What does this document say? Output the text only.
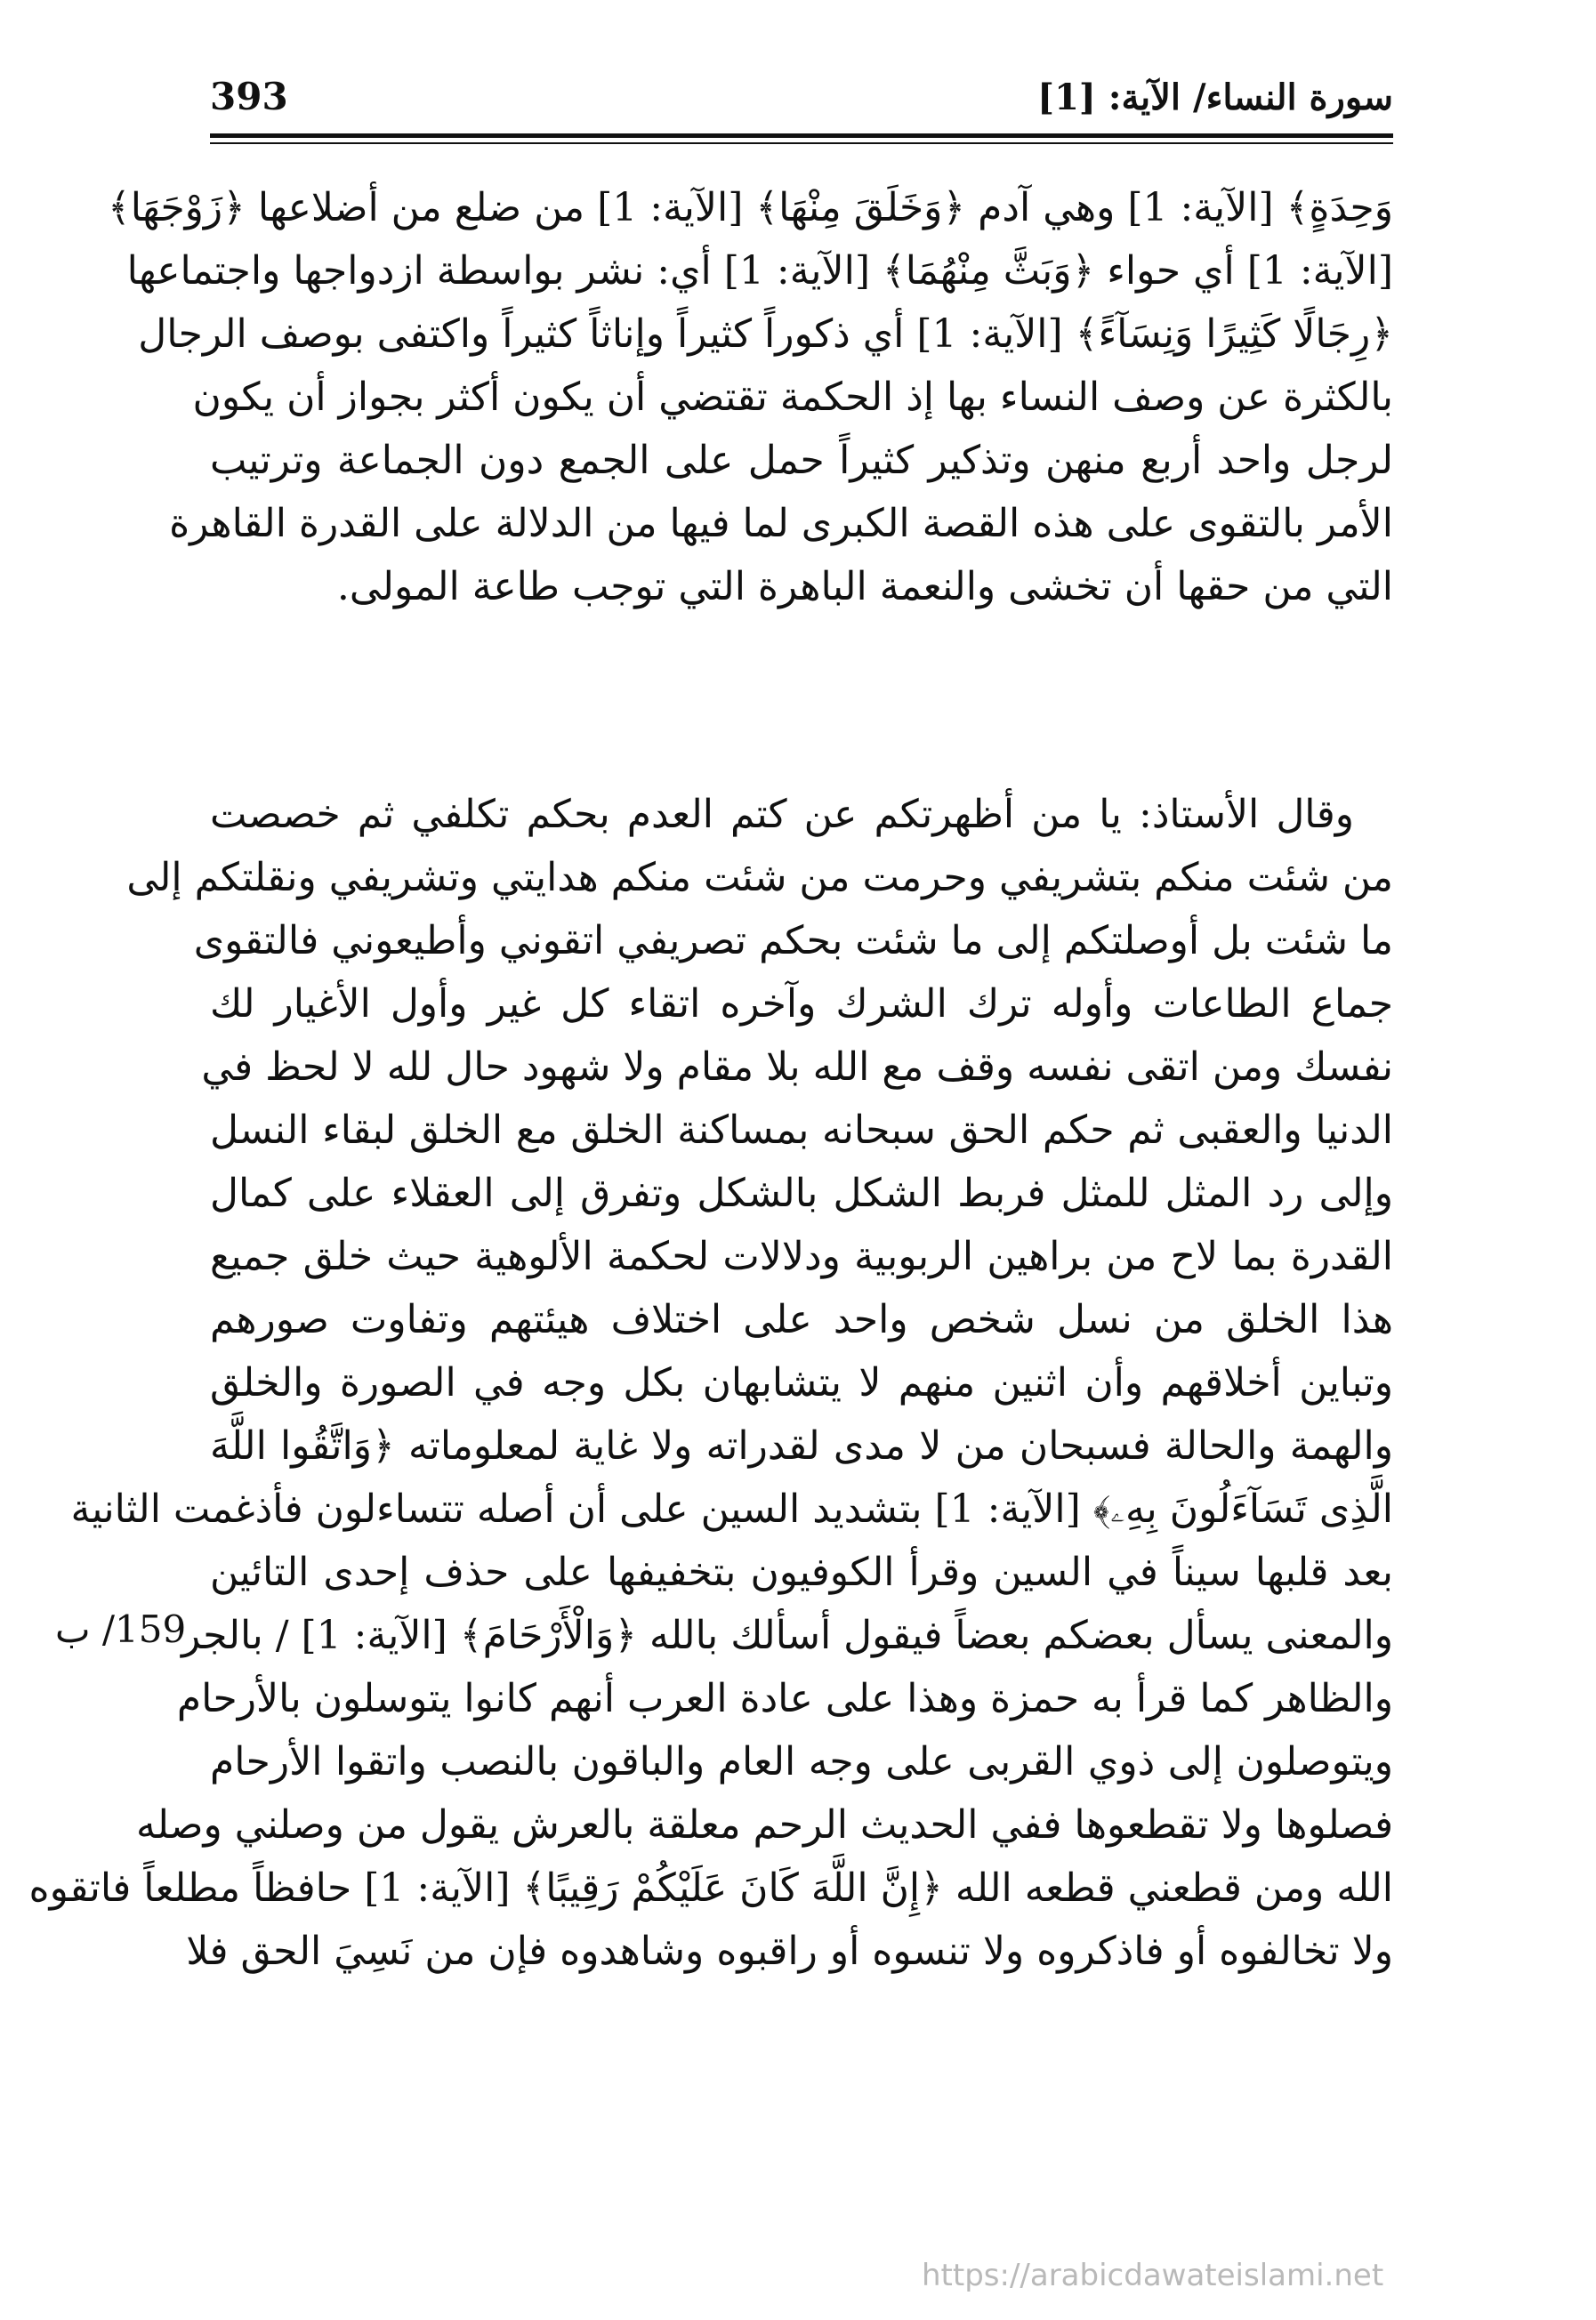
سورة النساء/ الآية: [1]
393
وَحِدَةٍ﴾ [الآية: 1] وهي آدم ﴿وَخَلَقَ مِنْهَا﴾ [الآية: 1] من ضلع من أضلاعها ﴿زَوْجَهَا﴾
[الآية: 1] أي حواء ﴿وَبَثَّ مِنْهُمَا﴾ [الآية: 1] أي: نشر بواسطة ازدواجها واجتماعها
﴿رِجَالًا كَثِيرًا وَنِسَآءً﴾ [الآية: 1] أي ذكوراً كثيراً وإناثاً كثيراً واكتفى بوصف الرجال
بالكثرة عن وصف النساء بها إذ الحكمة تقتضي أن يكون أكثر بجواز أن يكون
لرجل واحد أربع منهن وتذكير كثيراً حمل على الجمع دون الجماعة وترتيب
الأمر بالتقوى على هذه القصة الكبرى لما فيها من الدلالة على القدرة القاهرة
التي من حقها أن تخشى والنعمة الباهرة التي توجب طاعة المولى.
وقال الأستاذ: يا من أظهرتكم عن كتم العدم بحكم تكلفي ثم خصصت
من شئت منكم بتشريفي وحرمت من شئت منكم هدايتي وتشريفي ونقلتكم إلى
ما شئت بل أوصلتكم إلى ما شئت بحكم تصريفي اتقوني وأطيعوني فالتقوى
جماع الطاعات وأوله ترك الشرك وآخره اتقاء كل غير وأول الأغيار لك
نفسك ومن اتقى نفسه وقف مع الله بلا مقام ولا شهود حال لله لا لحظ في
الدنيا والعقبى ثم حكم الحق سبحانه بمساكنة الخلق مع الخلق لبقاء النسل
وإلى رد المثل للمثل فربط الشكل بالشكل وتفرق إلى العقلاء على كمال
القدرة بما لاح من براهين الربوبية ودلالات لحكمة الألوهية حيث خلق جميع
هذا الخلق من نسل شخص واحد على اختلاف هيئتهم وتفاوت صورهم
وتباين أخلاقهم وأن اثنين منهم لا يتشابهان بكل وجه في الصورة والخلق
والهمة والحالة فسبحان من لا مدى لقدراته ولا غاية لمعلوماته ﴿وَاتَّقُوا اللَّهَ
الَّذِى تَسَآءَلُونَ بِهِۦ﴾ [الآية: 1] بتشديد السين على أن أصله تتساءلون فأذغمت الثانية
بعد قلبها سيناً في السين وقرأ الكوفيون بتخفيفها على حذف إحدى التائين
والمعنى يسأل بعضكم بعضاً فيقول أسألك بالله ﴿وَالْأَرْحَامَ﴾ [الآية: 1] / بالجر
والظاهر كما قرأ به حمزة وهذا على عادة العرب أنهم كانوا يتوسلون بالأرحام
ويتوصلون إلى ذوي القربى على وجه العام والباقون بالنصب واتقوا الأرحام
فصلوها ولا تقطعوها ففي الحديث الرحم معلقة بالعرش يقول من وصلني وصله
الله ومن قطعني قطعه الله ﴿إِنَّ اللَّهَ كَانَ عَلَيْكُمْ رَقِيبًا﴾ [الآية: 1] حافظاً مطلعاً فاتقوه
ولا تخالفوه أو فاذكروه ولا تنسوه أو راقبوه وشاهدوه فإن من نَسِيَ الحق فلا
159/ ب
https://arabicdawateislami.net
